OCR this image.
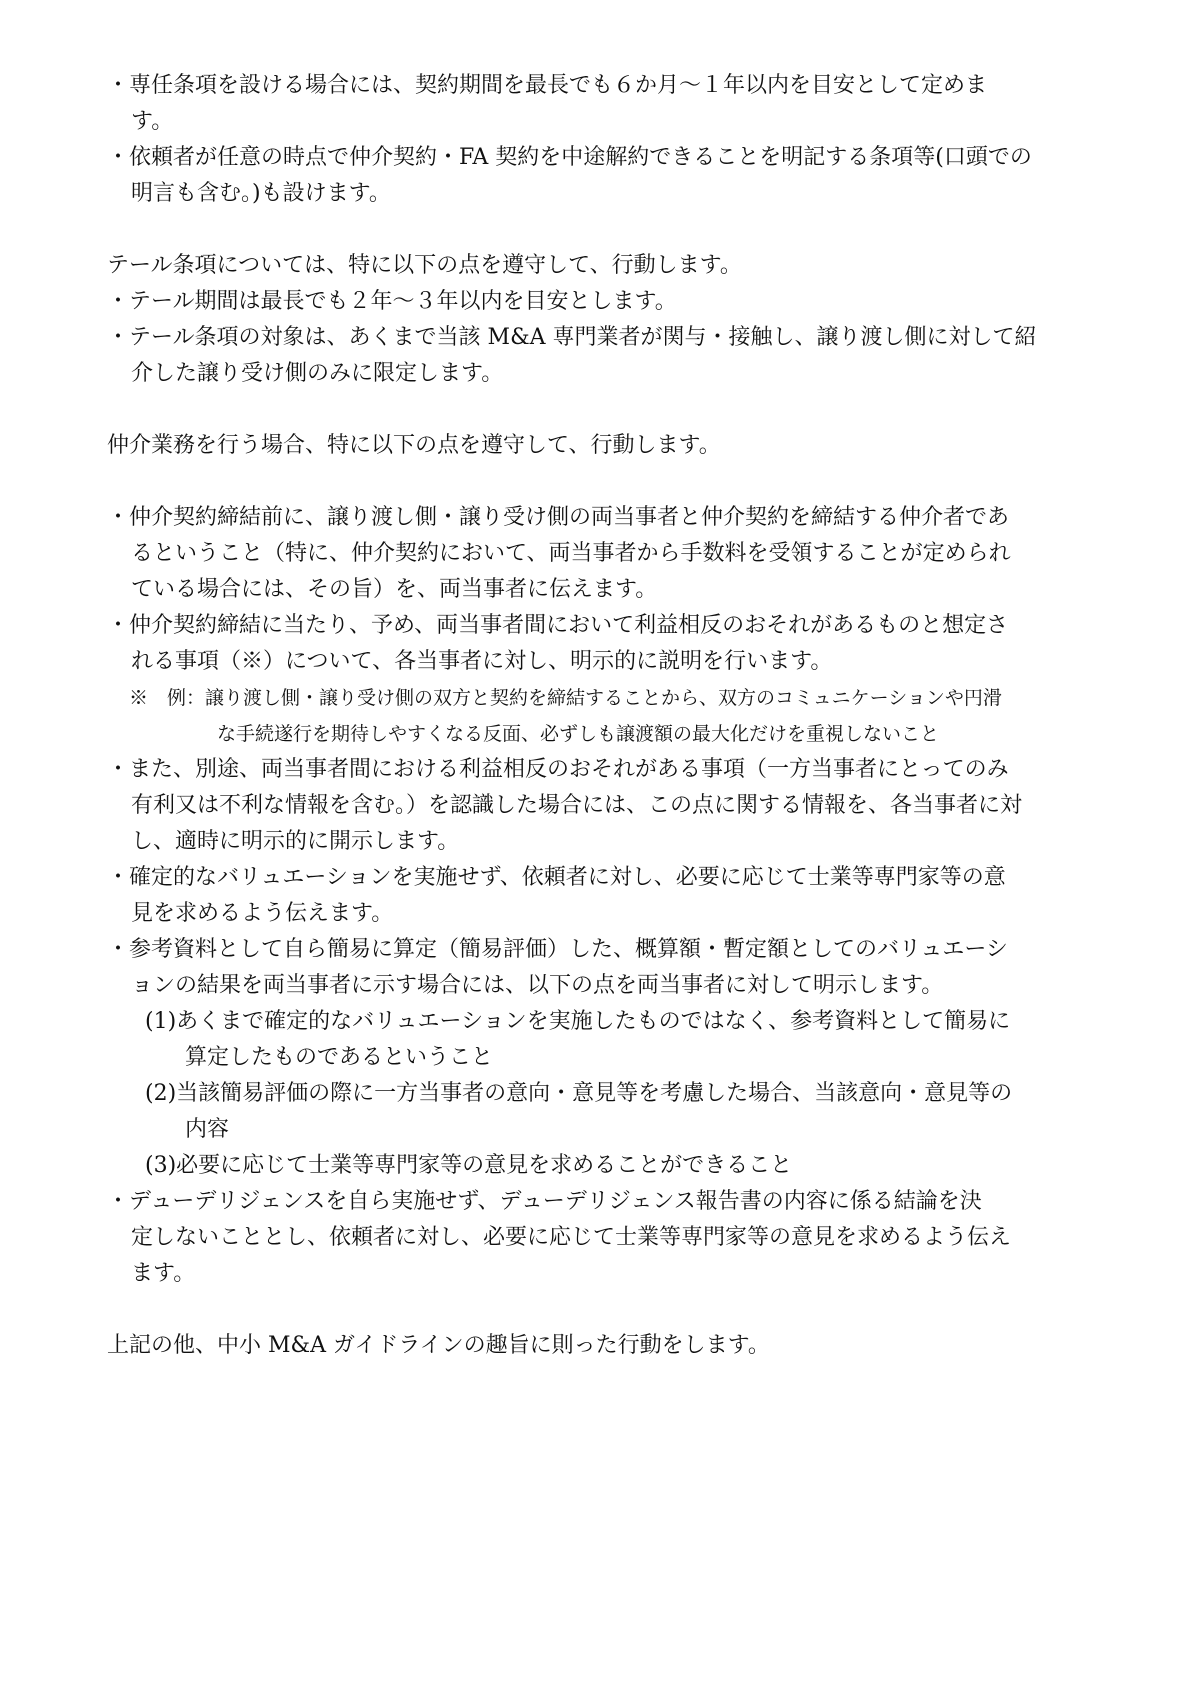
・専任条項を設ける場合には、契約期間を最長でも６か月～１年以内を目安として定めま
す。
・依頼者が任意の時点で仲介契約・FA 契約を中途解約できることを明記する条項等(口頭での
明言も含む。)も設けます。
テール条項については、特に以下の点を遵守して、行動します。
・テール期間は最長でも２年～３年以内を目安とします。
・テール条項の対象は、あくまで当該 M&A 専門業者が関与・接触し、譲り渡し側に対して紹
介した譲り受け側のみに限定します。
仲介業務を行う場合、特に以下の点を遵守して、行動します。
・仲介契約締結前に、譲り渡し側・譲り受け側の両当事者と仲介契約を締結する仲介者であ
るということ（特に、仲介契約において、両当事者から手数料を受領することが定められ
ている場合には、その旨）を、両当事者に伝えます。
・仲介契約締結に当たり、予め、両当事者間において利益相反のおそれがあるものと想定さ
れる事項（※）について、各当事者に対し、明示的に説明を行います。
※　例：譲り渡し側・譲り受け側の双方と契約を締結することから、双方のコミュニケーションや円滑
な手続遂行を期待しやすくなる反面、必ずしも譲渡額の最大化だけを重視しないこと
・また、別途、両当事者間における利益相反のおそれがある事項（一方当事者にとってのみ
有利又は不利な情報を含む。）を認識した場合には、この点に関する情報を、各当事者に対
し、適時に明示的に開示します。
・確定的なバリュエーションを実施せず、依頼者に対し、必要に応じて士業等専門家等の意
見を求めるよう伝えます。
・参考資料として自ら簡易に算定（簡易評価）した、概算額・暫定額としてのバリュエーシ
ョンの結果を両当事者に示す場合には、以下の点を両当事者に対して明示します。
(1)あくまで確定的なバリュエーションを実施したものではなく、参考資料として簡易に
算定したものであるということ
(2)当該簡易評価の際に一方当事者の意向・意見等を考慮した場合、当該意向・意見等の
内容
(3)必要に応じて士業等専門家等の意見を求めることができること
・デューデリジェンスを自ら実施せず、デューデリジェンス報告書の内容に係る結論を決
定しないこととし、依頼者に対し、必要に応じて士業等専門家等の意見を求めるよう伝え
ます。
上記の他、中小 M&A ガイドラインの趣旨に則った行動をします。
